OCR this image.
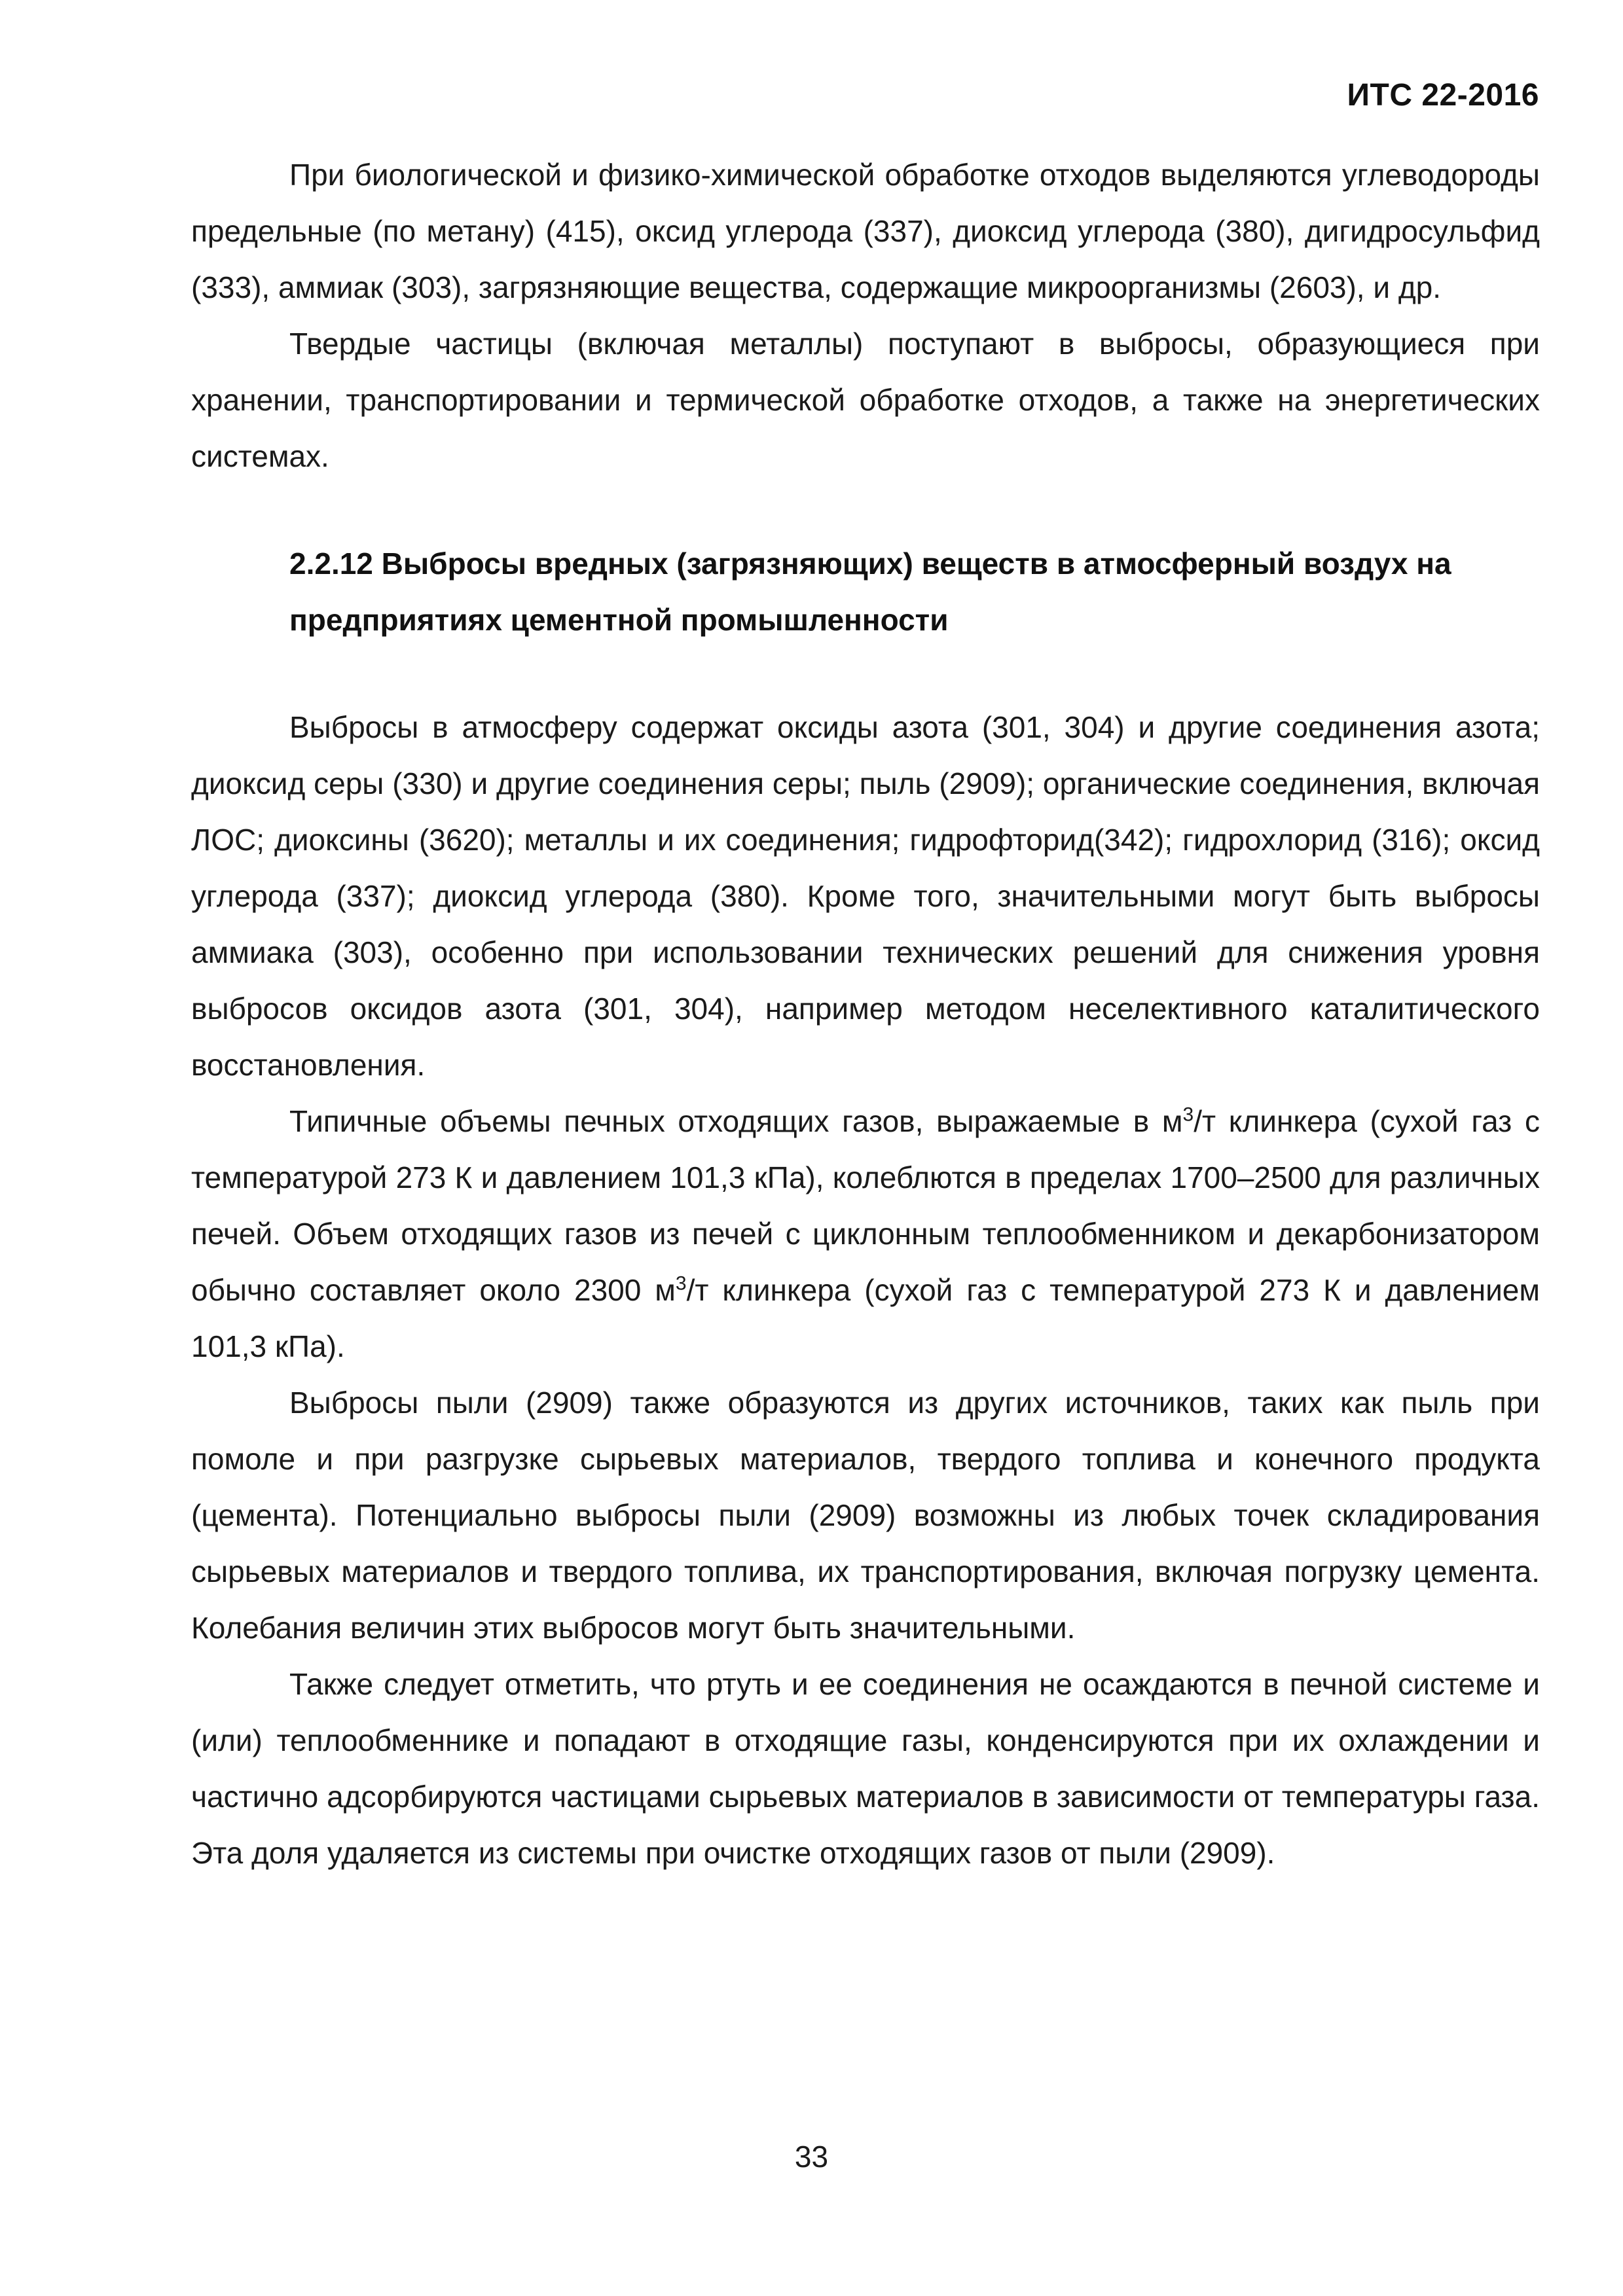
ИТС 22-2016

При биологической и физико-химической обработке отходов выделяются углеводороды предельные (по метану) (415), оксид углерода (337), диоксид углерода (380), дигидросульфид (333), аммиак (303), загрязняющие вещества, содержащие микроорганизмы (2603), и др.

Твердые частицы (включая металлы) поступают в выбросы, образующиеся при хранении, транспортировании и термической обработке отходов, а также на энергетических системах.

2.2.12 Выбросы вредных (загрязняющих) веществ в атмосферный воздух на предприятиях цементной промышленности

Выбросы в атмосферу содержат оксиды азота (301, 304) и другие соединения азота; диоксид серы (330) и другие соединения серы; пыль (2909); органические соединения, включая ЛОС; диоксины (3620); металлы и их соединения; гидрофторид(342); гидрохлорид (316); оксид углерода (337); диоксид углерода (380). Кроме того, значительными могут быть выбросы аммиака (303), особенно при использовании технических решений для снижения уровня выбросов оксидов азота (301, 304), например методом неселективного каталитического восстановления.

Типичные объемы печных отходящих газов, выражаемые в $м^3/т$ клинкера (сухой газ с температурой 273 К и давлением 101,3 кПа), колеблются в пределах 1700–2500 для различных печей. Объем отходящих газов из печей с циклонным теплообменником и декарбонизатором обычно составляет около 2300 $м^3/т$ клинкера (сухой газ с температурой 273 К и давлением 101,3 кПа).

Выбросы пыли (2909) также образуются из других источников, таких как пыль при помоле и при разгрузке сырьевых материалов, твердого топлива и конечного продукта (цемента). Потенциально выбросы пыли (2909) возможны из любых точек складирования сырьевых материалов и твердого топлива, их транспортирования, включая погрузку цемента. Колебания величин этих выбросов могут быть значительными.

Также следует отметить, что ртуть и ее соединения не осаждаются в печной системе и (или) теплообменнике и попадают в отходящие газы, конденсируются при их охлаждении и частично адсорбируются частицами сырьевых материалов в зависимости от температуры газа. Эта доля удаляется из системы при очистке отходящих газов от пыли (2909).

33
